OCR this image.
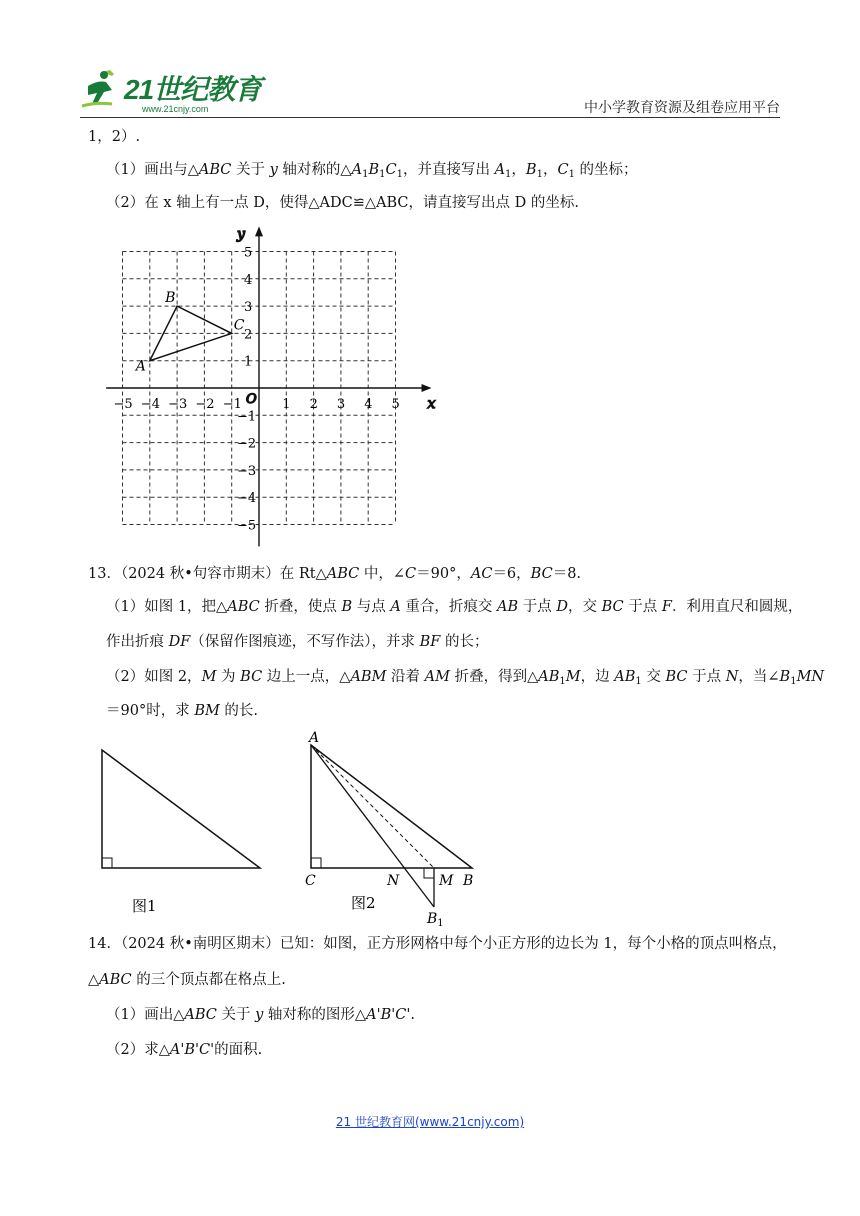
21世纪教育
www.21cnjy.com	中小学教育资源及组卷应用平台
1，2）.
（1）画出与△ABC 关于 y 轴对称的$\triangle A_1B_1C_1$，并直接写出 $A_1$，$B_1$，$C_1$ 的坐标；
（2）在 x 轴上有一点 D，使得△ADC≌△ABC，请直接写出点 D 的坐标.
x
y
O
−5 −4 −3 −2 −1	1 2 3 4 5
5
4
3
2
1
−1
−2
−3
−4
−5
A
B
C
13．（2024 秋•句容市期末）在 Rt△ABC 中，∠C＝90°，AC＝6，BC＝8.
（1）如图 1，把△ABC 折叠，使点 B 与点 A 重合，折痕交 AB 于点 D，交 BC 于点 F．利用直尺和圆规，
作出折痕 DF（保留作图痕迹，不写作法），并求 BF 的长；
（2）如图 2，M 为 BC 边上一点，△ABM 沿着 AM 折叠，得到$\triangle AB_1M$，边 $AB_1$ 交 BC 于点 N，当$\angle B_1MN$
＝90°时，求 BM 的长.
图1
A
C	N	M B
$B_1$
图2
14．（2024 秋•南明区期末）已知：如图，正方形网格中每个小正方形的边长为 1，每个小格的顶点叫格点，
△ABC 的三个顶点都在格点上.
（1）画出△ABC 关于 y 轴对称的图形△A'B'C'.
（2）求△A'B'C'的面积.
21 世纪教育网(www.21cnjy.com)
